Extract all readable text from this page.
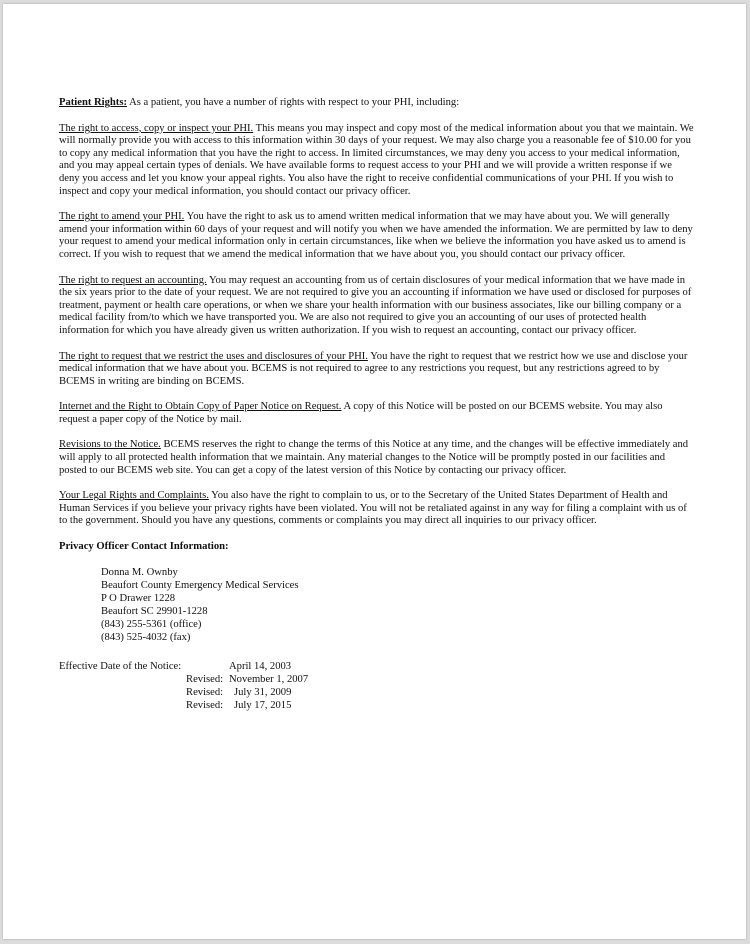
Patient Rights: As a patient, you have a number of rights with respect to your PHI, including:

The right to access, copy or inspect your PHI. This means you may inspect and copy most of the medical information about you that we maintain. We will normally provide you with access to this information within 30 days of your request. We may also charge you a reasonable fee of $10.00 for you to copy any medical information that you have the right to access. In limited circumstances, we may deny you access to your medical information, and you may appeal certain types of denials. We have available forms to request access to your PHI and we will provide a written response if we deny you access and let you know your appeal rights. You also have the right to receive confidential communications of your PHI. If you wish to inspect and copy your medical information, you should contact our privacy officer.

The right to amend your PHI. You have the right to ask us to amend written medical information that we may have about you. We will generally amend your information within 60 days of your request and will notify you when we have amended the information. We are permitted by law to deny your request to amend your medical information only in certain circumstances, like when we believe the information you have asked us to amend is correct. If you wish to request that we amend the medical information that we have about you, you should contact our privacy officer.

The right to request an accounting. You may request an accounting from us of certain disclosures of your medical information that we have made in the six years prior to the date of your request. We are not required to give you an accounting if information we have used or disclosed for purposes of treatment, payment or health care operations, or when we share your health information with our business associates, like our billing company or a medical facility from/to which we have transported you. We are also not required to give you an accounting of our uses of protected health information for which you have already given us written authorization. If you wish to request an accounting, contact our privacy officer.

The right to request that we restrict the uses and disclosures of your PHI. You have the right to request that we restrict how we use and disclose your medical information that we have about you. BCEMS is not required to agree to any restrictions you request, but any restrictions agreed to by BCEMS in writing are binding on BCEMS.

Internet and the Right to Obtain Copy of Paper Notice on Request. A copy of this Notice will be posted on our BCEMS website. You may also request a paper copy of the Notice by mail.

Revisions to the Notice. BCEMS reserves the right to change the terms of this Notice at any time, and the changes will be effective immediately and will apply to all protected health information that we maintain. Any material changes to the Notice will be promptly posted in our facilities and posted to our BCEMS web site. You can get a copy of the latest version of this Notice by contacting our privacy officer.

Your Legal Rights and Complaints. You also have the right to complain to us, or to the Secretary of the United States Department of Health and Human Services if you believe your privacy rights have been violated. You will not be retaliated against in any way for filing a complaint with us of to the government. Should you have any questions, comments or complaints you may direct all inquiries to our privacy officer.

Privacy Officer Contact Information:
Donna M. Ownby
Beaufort County Emergency Medical Services
P O Drawer 1228
Beaufort SC 29901-1228
(843) 255-5361 (office)
(843) 525-4032 (fax)
Effective Date of the Notice:	April 14, 2003
Revised: November 1, 2007
Revised: July 31, 2009
Revised: July 17, 2015
